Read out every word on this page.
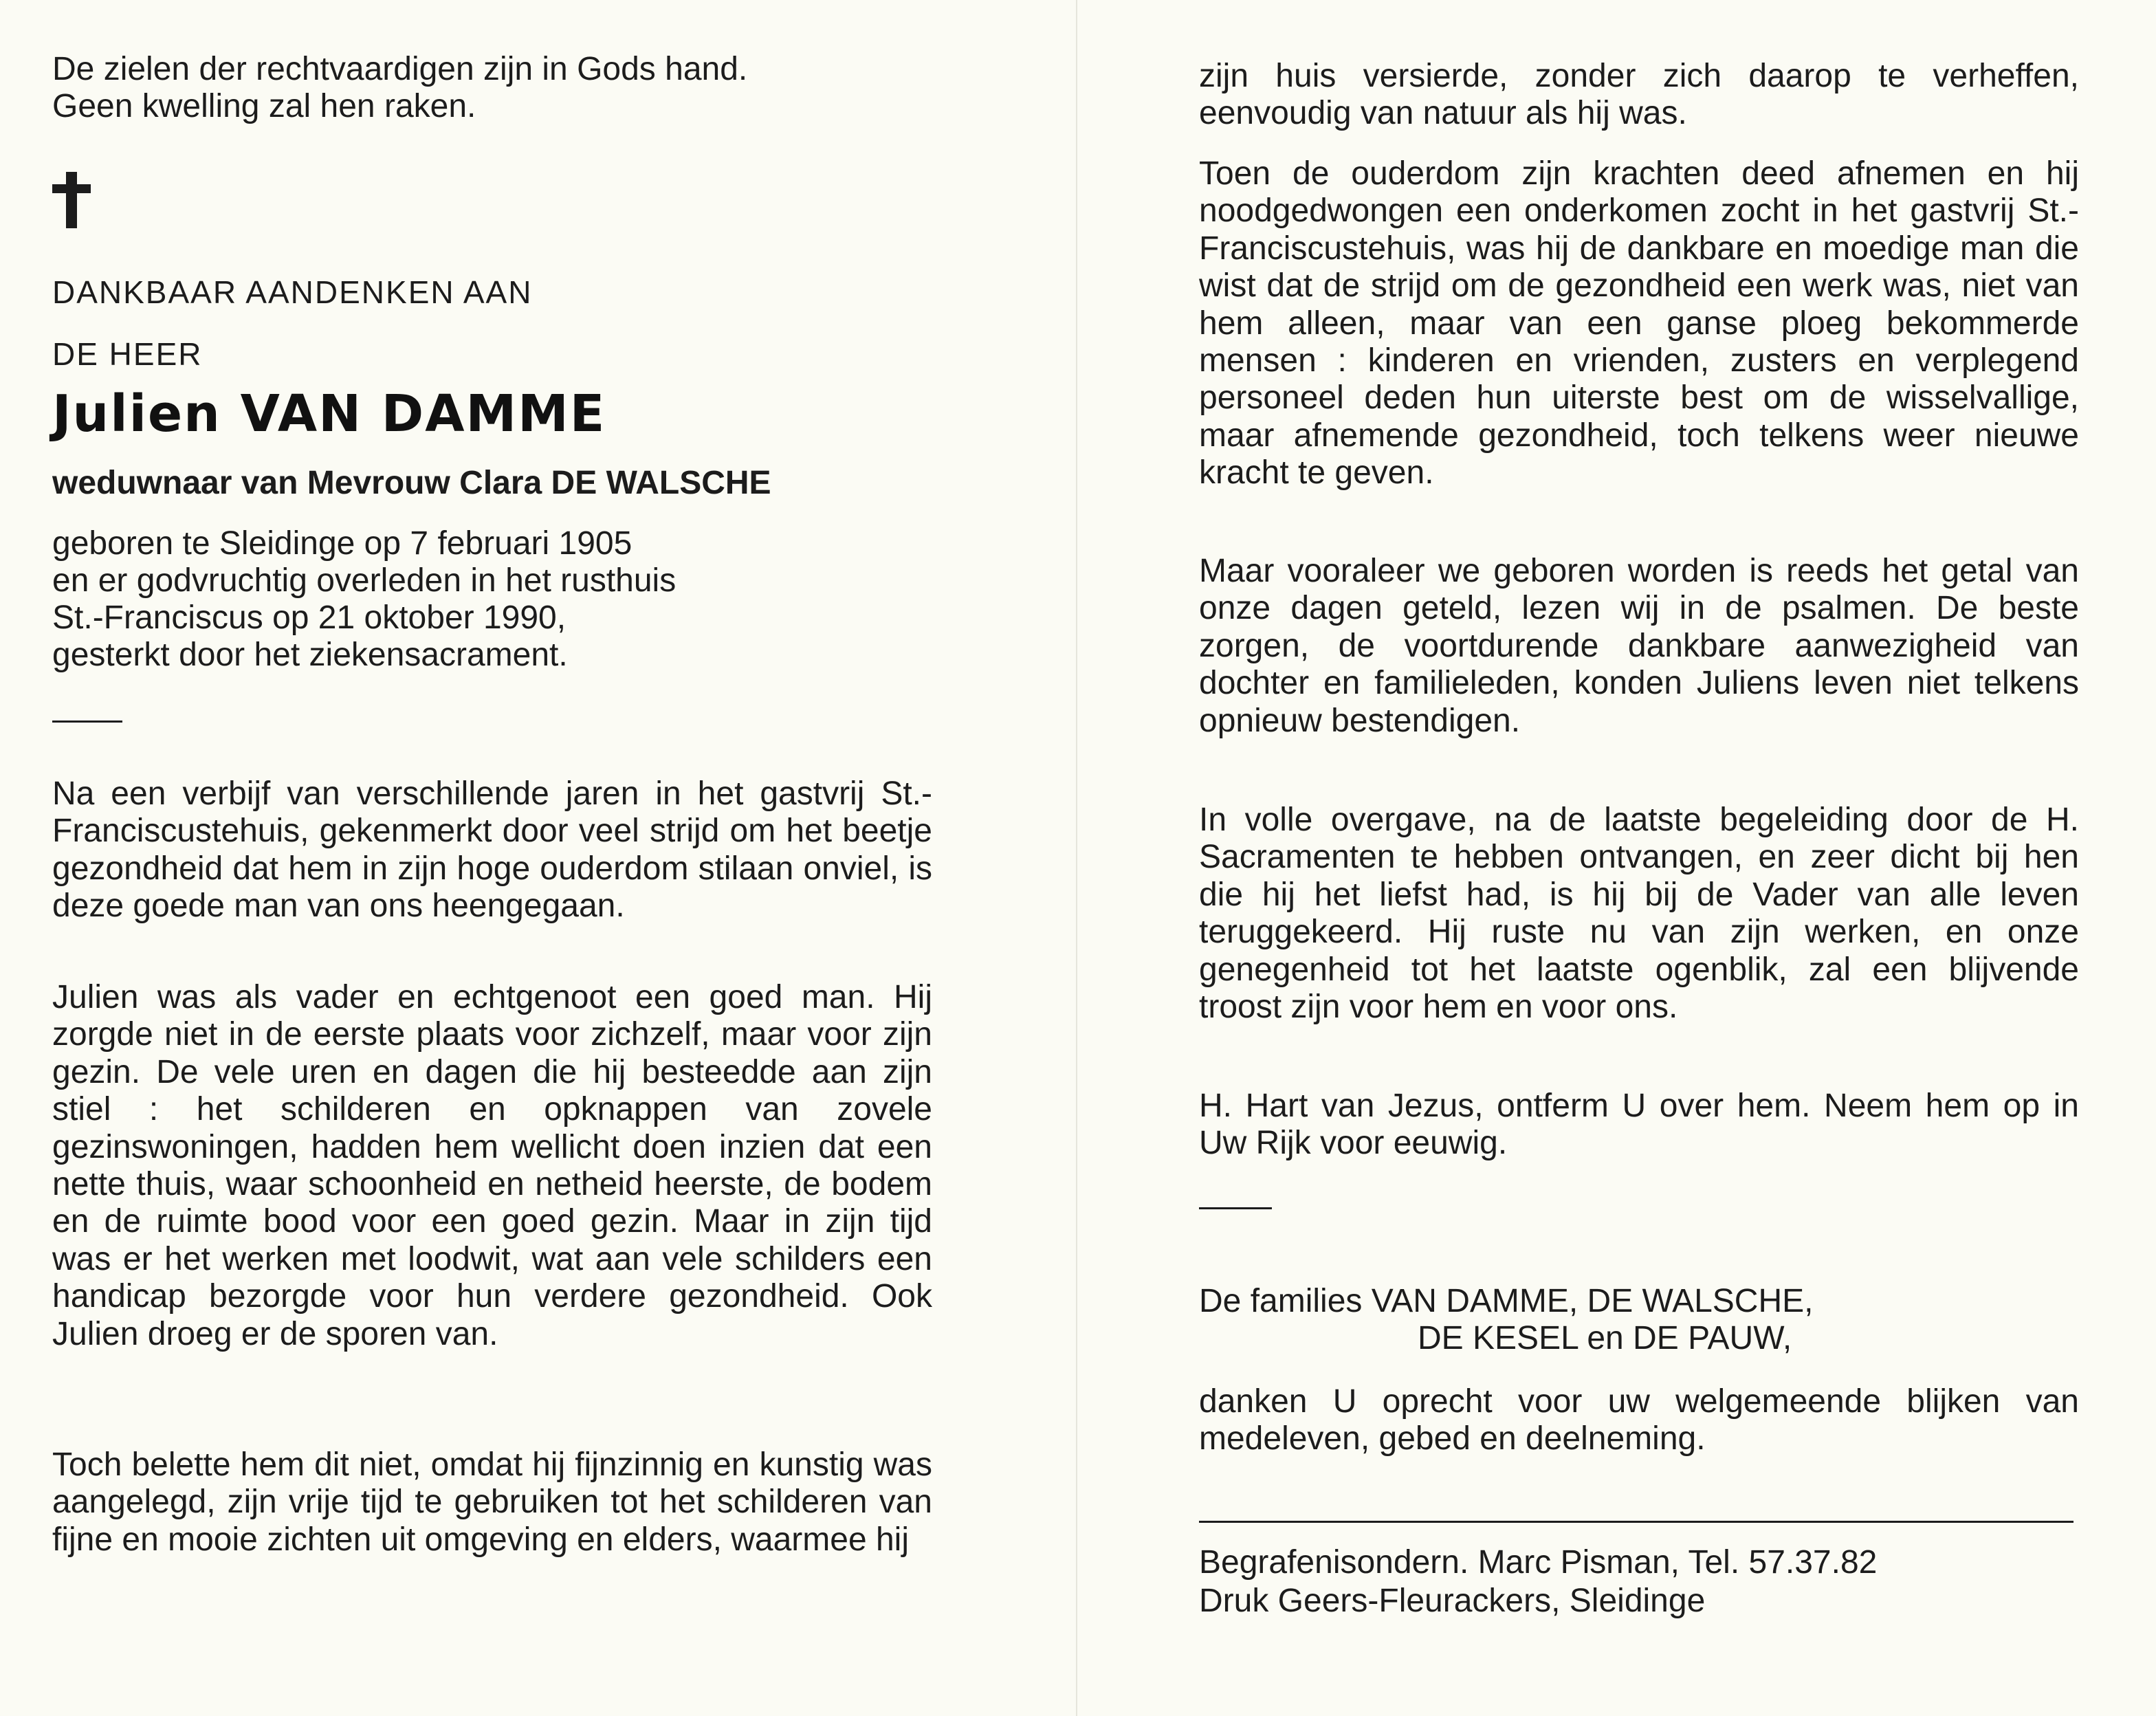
De zielen der rechtvaardigen zijn in Gods hand.

Geen kwelling zal hen raken.

DANKBAAR AANDENKEN AAN

DE HEER

Julien VAN DAMME

weduwnaar van Mevrouw Clara DE WALSCHE

geboren te Sleidinge op 7 februari 1905

en er godvruchtig overleden in het rusthuis

St.-Franciscus op 21 oktober 1990,

gesterkt door het ziekensacrament.

Na een verbijf van verschillende jaren in het gastvrij St.-Franciscustehuis, gekenmerkt door veel strijd om het beetje gezondheid dat hem in zijn hoge ouderdom stilaan onviel, is deze goede man van ons heengegaan.

Julien was als vader en echtgenoot een goed man. Hij zorgde niet in de eerste plaats voor zichzelf, maar voor zijn gezin. De vele uren en dagen die hij besteedde aan zijn stiel : het schilderen en opknappen van zovele gezinswoningen, hadden hem wellicht doen inzien dat een nette thuis, waar schoonheid en netheid heerste, de bodem en de ruimte bood voor een goed gezin. Maar in zijn tijd was er het werken met loodwit, wat aan vele schilders een handicap bezorgde voor hun verdere gezondheid. Ook Julien droeg er de sporen van.

Toch belette hem dit niet, omdat hij fijnzinnig en kunstig was aangelegd, zijn vrije tijd te gebruiken tot het schilderen van fijne en mooie zichten uit omgeving en elders, waarmee hij

zijn huis versierde, zonder zich daarop te verheffen, eenvoudig van natuur als hij was.

Toen de ouderdom zijn krachten deed afnemen en hij noodgedwongen een onderkomen zocht in het gastvrij St.-Franciscustehuis, was hij de dankbare en moedige man die wist dat de strijd om de gezondheid een werk was, niet van hem alleen, maar van een ganse ploeg bekommerde mensen : kinderen en vrienden, zusters en verplegend personeel deden hun uiterste best om de wisselvallige, maar afnemende gezondheid, toch telkens weer nieuwe kracht te geven.

Maar vooraleer we geboren worden is reeds het getal van onze dagen geteld, lezen wij in de psalmen. De beste zorgen, de voortdurende dankbare aanwezigheid van dochter en familieleden, konden Juliens leven niet telkens opnieuw bestendigen.

In volle overgave, na de laatste begeleiding door de H. Sacramenten te hebben ontvangen, en zeer dicht bij hen die hij het liefst had, is hij bij de Vader van alle leven teruggekeerd. Hij ruste nu van zijn werken, en onze genegenheid tot het laatste ogenblik, zal een blijvende troost zijn voor hem en voor ons.

H. Hart van Jezus, ontferm U over hem. Neem hem op in Uw Rijk voor eeuwig.

De families VAN DAMME, DE WALSCHE,

DE KESEL en DE PAUW,

danken U oprecht voor uw welgemeende blijken van medeleven, gebed en deelneming.

Begrafenisondern. Marc Pisman, Tel. 57.37.82

Druk Geers-Fleurackers, Sleidinge
